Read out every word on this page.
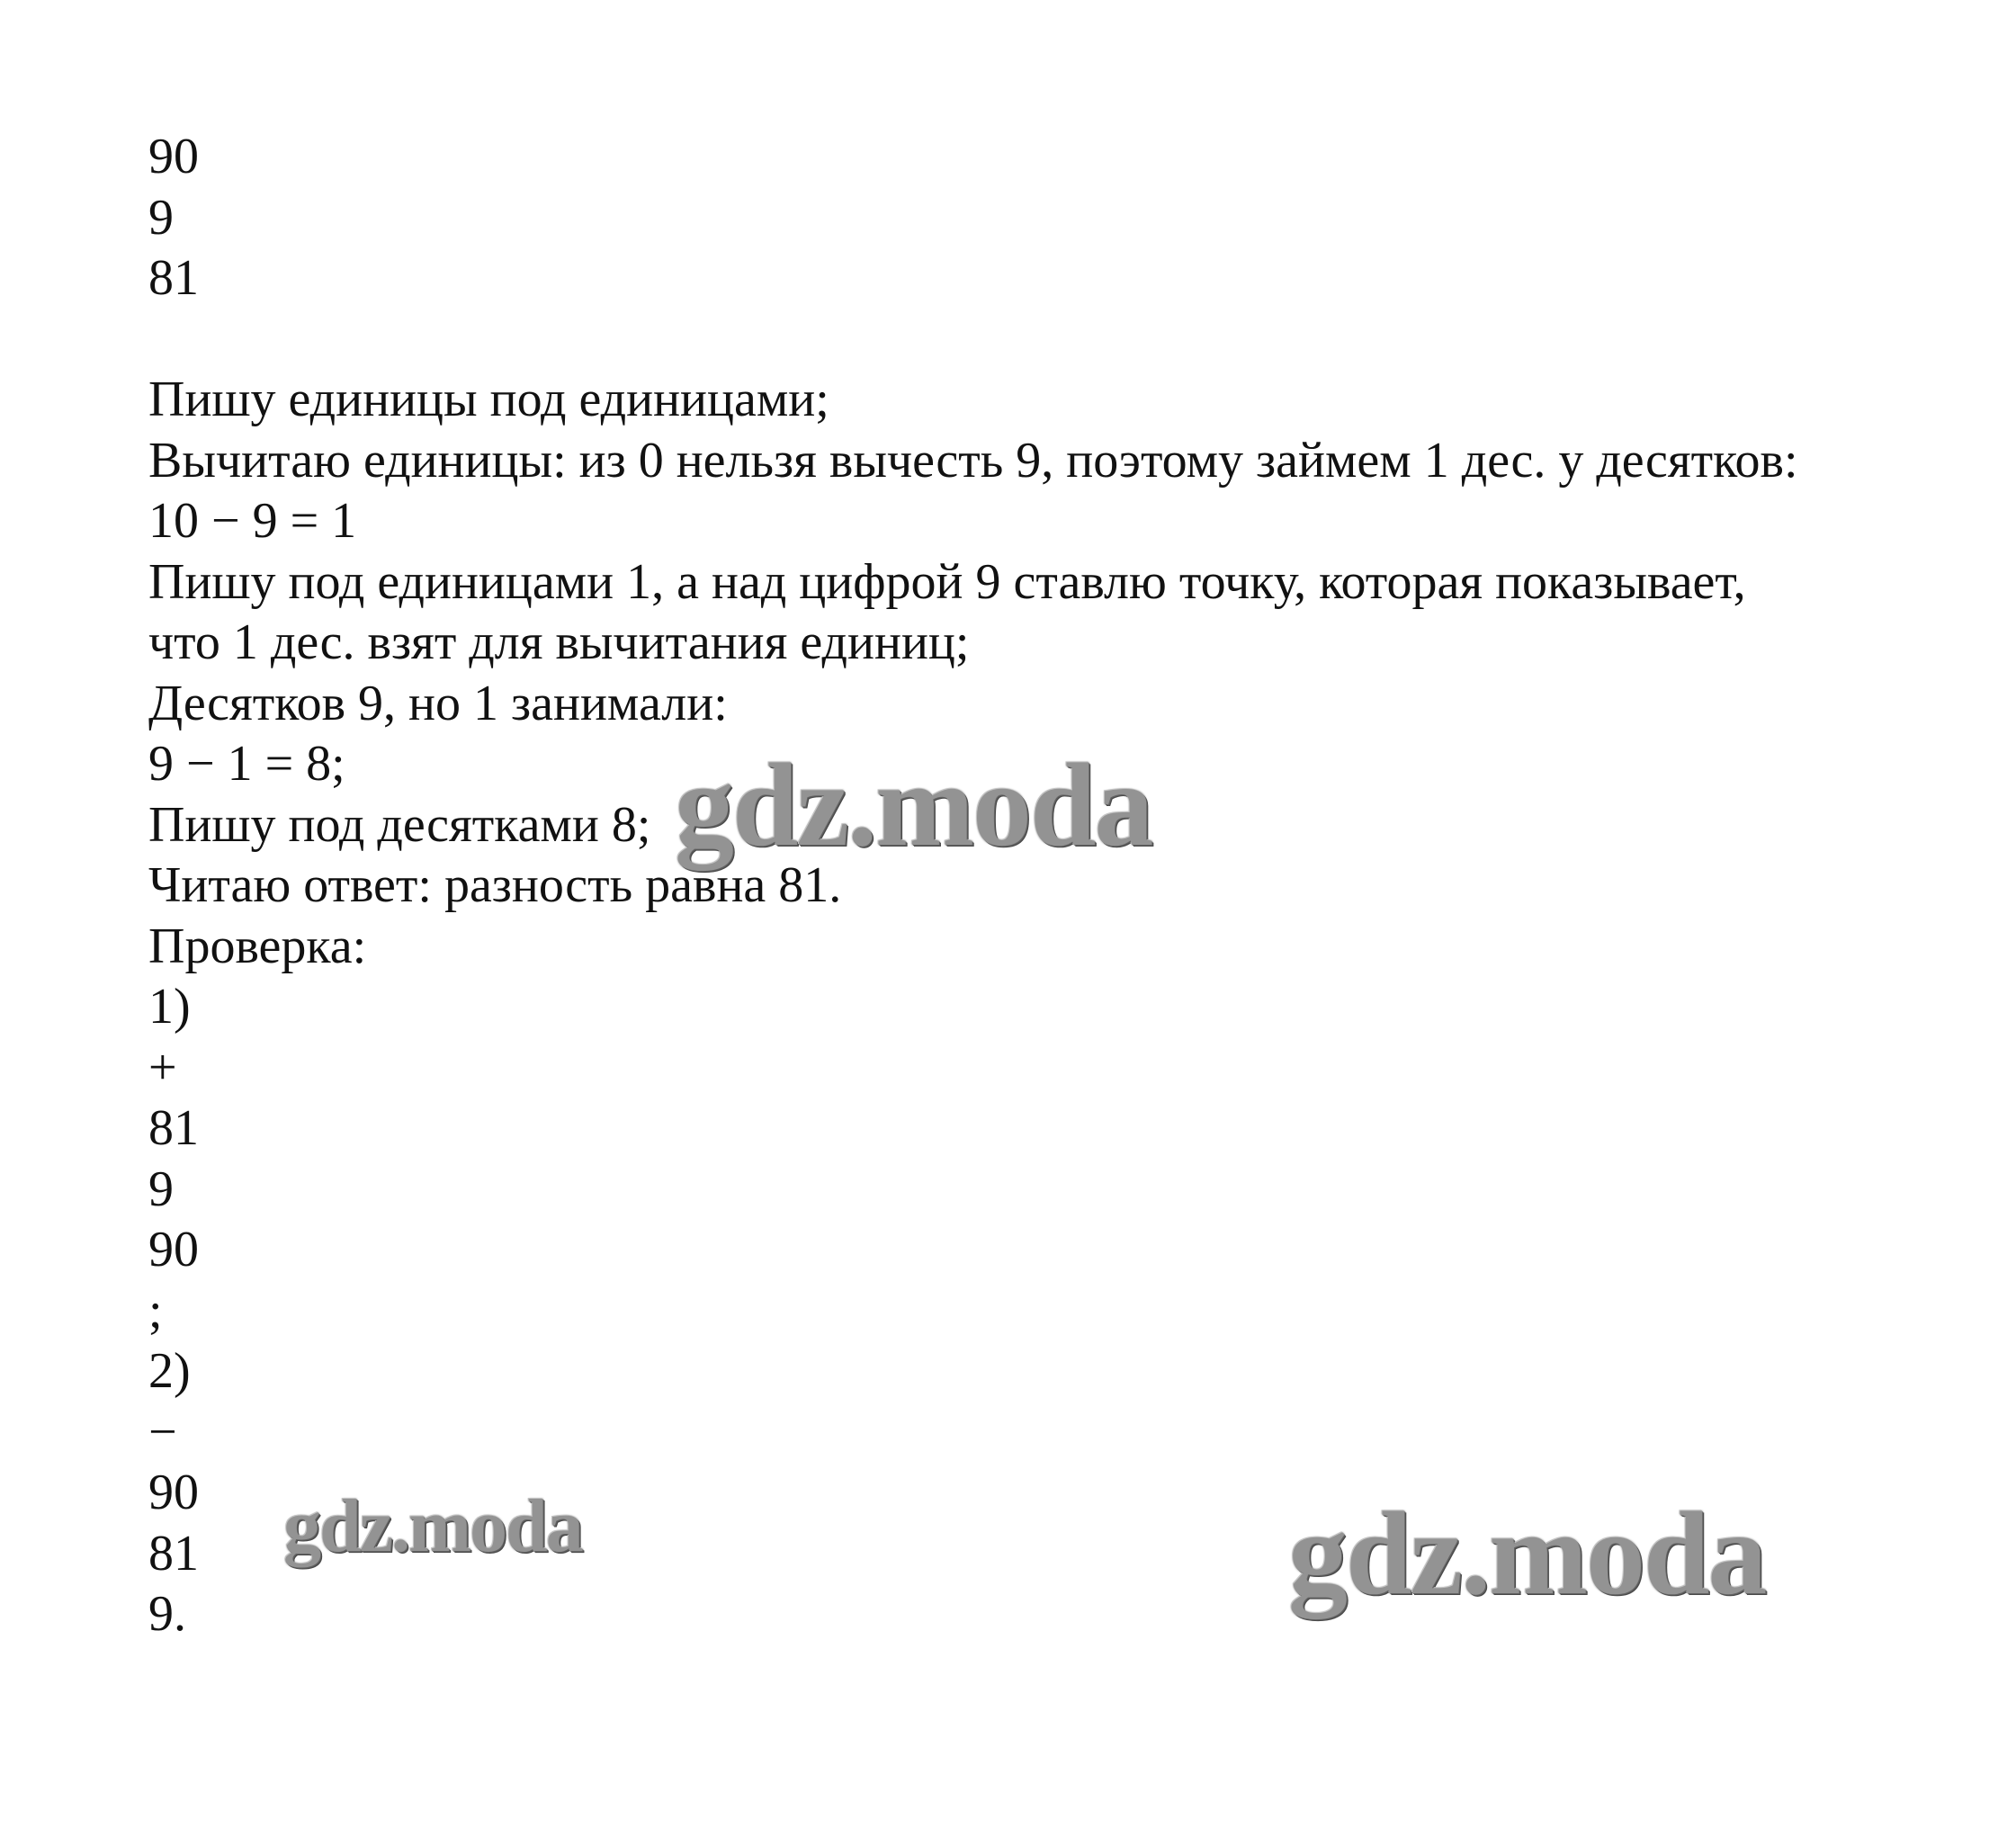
90
9
81
Пишу единицы под единицами;
Вычитаю единицы: из 0 нельзя вычесть 9, поэтому займем 1 дес. у десятков:
10 − 9 = 1
Пишу под единицами 1, а над цифрой 9 ставлю точку, которая показывает,
что 1 дес. взят для вычитания единиц;
Десятков 9, но 1 занимали:
9 − 1 = 8;
Пишу под десятками 8;
Читаю ответ: разность равна 81.
Проверка:
1)
+
81
9
90
;
2)
−
90
81
9.
gdz.moda
gdz.moda	gdz.moda
